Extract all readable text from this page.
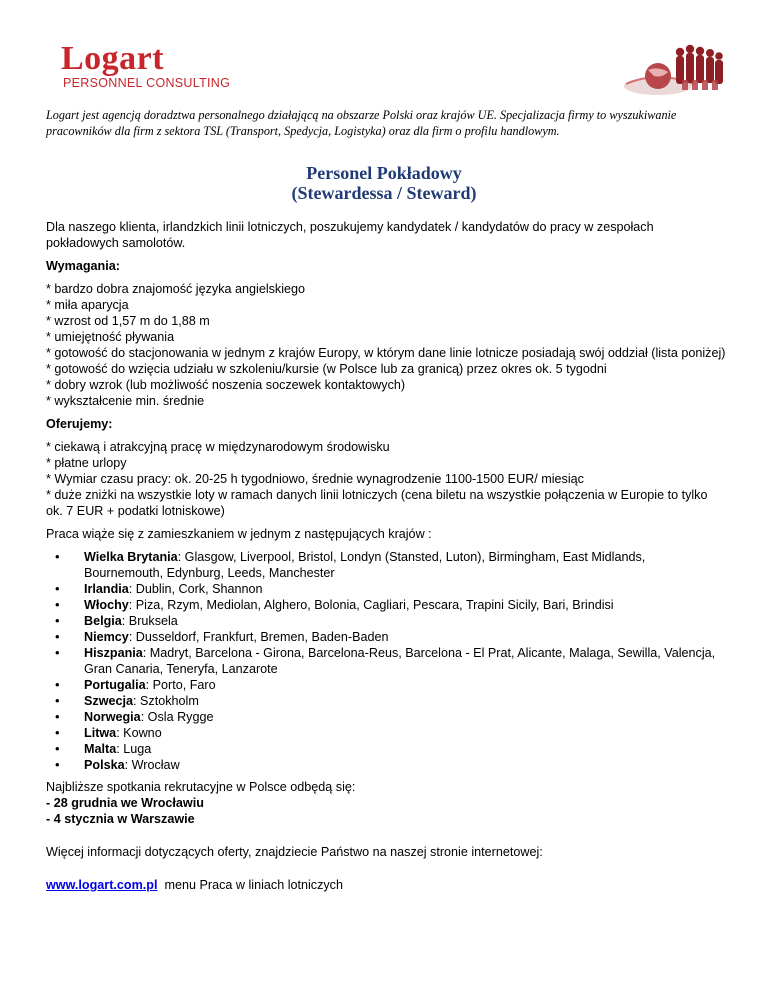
Logart
PERSONNEL CONSULTING
Logart jest agencją doradztwa personalnego działającą na obszarze Polski oraz krajów UE. Specjalizacja firmy to wyszukiwanie pracowników dla firm z sektora TSL (Transport, Spedycja, Logistyka) oraz dla firm o profilu handlowym.
Personel Pokładowy
(Stewardessa / Steward)

Dla naszego klienta, irlandzkich linii lotniczych, poszukujemy kandydatek / kandydatów do pracy w zespołach pokładowych samolotów.

Wymagania:

* bardzo dobra znajomość języka angielskiego
* miła aparycja
* wzrost od 1,57 m do 1,88 m
* umiejętność pływania
* gotowość do stacjonowania w jednym z krajów Europy, w którym dane linie lotnicze posiadają swój oddział (lista poniżej)
* gotowość do wzięcia udziału w szkoleniu/kursie (w Polsce lub za granicą) przez okres ok. 5 tygodni
* dobry wzrok (lub możliwość noszenia soczewek kontaktowych)
* wykształcenie min. średnie

Oferujemy:

* ciekawą i atrakcyjną pracę w międzynarodowym środowisku
* płatne urlopy
* Wymiar czasu pracy: ok. 20-25 h tygodniowo, średnie wynagrodzenie 1100-1500 EUR/ miesiąc
* duże zniżki na wszystkie loty w ramach danych linii lotniczych (cena biletu na wszystkie połączenia w Europie to tylko ok. 7 EUR + podatki lotniskowe)

Praca wiąże się z zamieszkaniem w jednym z następujących krajów :

• Wielka Brytania: Glasgow, Liverpool, Bristol, Londyn (Stansted, Luton), Birmingham, East Midlands, Bournemouth, Edynburg, Leeds, Manchester
• Irlandia: Dublin, Cork, Shannon
• Włochy: Piza, Rzym, Mediolan, Alghero, Bolonia, Cagliari, Pescara, Trapini Sicily, Bari, Brindisi
• Belgia: Bruksela
• Niemcy: Dusseldorf, Frankfurt, Bremen, Baden-Baden
• Hiszpania: Madryt, Barcelona - Girona, Barcelona-Reus, Barcelona - El Prat, Alicante, Malaga, Sewilla, Valencja, Gran Canaria, Teneryfa, Lanzarote
• Portugalia: Porto, Faro
• Szwecja: Sztokholm
• Norwegia: Osla Rygge
• Litwa: Kowno
• Malta: Luga
• Polska: Wrocław
Najbliższe spotkania rekrutacyjne w Polsce odbędą się:
- 28 grudnia we Wrocławiu
- 4 stycznia w Warszawie

Więcej informacji dotyczących oferty, znajdziecie Państwo na naszej stronie internetowej:

www.logart.com.pl  menu Praca w liniach lotniczych
